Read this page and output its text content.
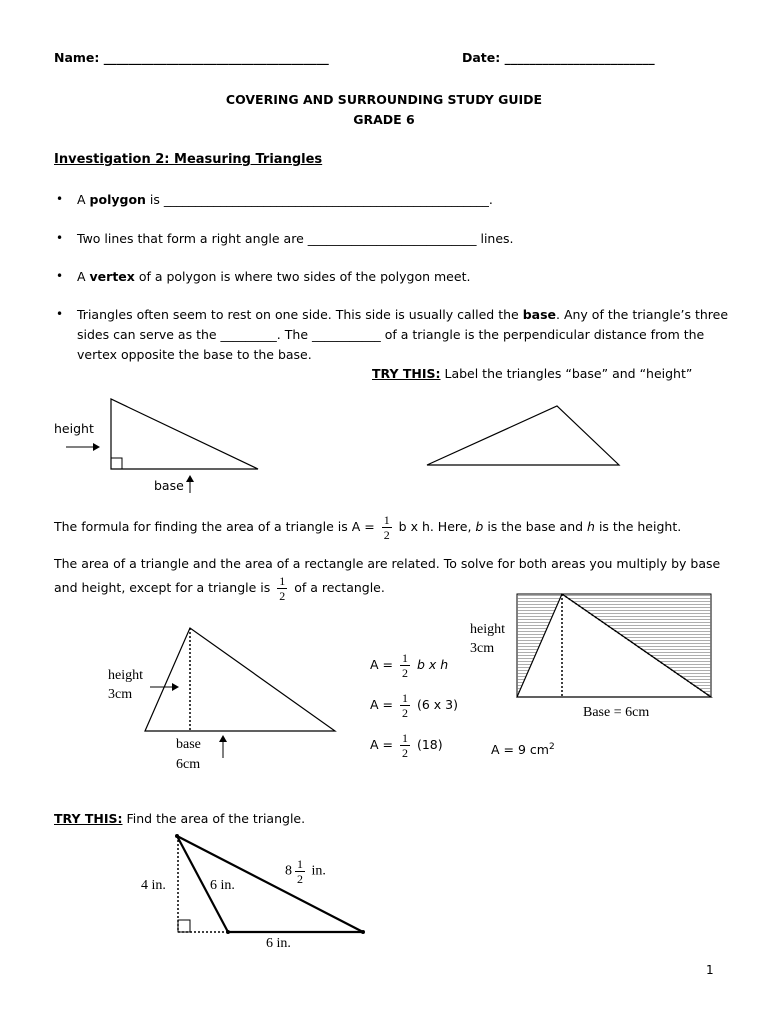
Name: ____________________________________	Date: ________________________
COVERING AND SURROUNDING STUDY GUIDE
GRADE 6
Investigation 2: Measuring Triangles
• A polygon is ____________________________________________________.
• Two lines that form a right angle are ___________________________ lines.
• A vertex of a polygon is where two sides of the polygon meet.
• Triangles often seem to rest on one side. This side is usually called the base. Any of the triangle’s three
sides can serve as the _________. The ___________ of a triangle is the perpendicular distance from the
vertex opposite the base to the base.
TRY THIS: Label the triangles “base” and “height”
height
base
The formula for finding the area of a triangle is $A = \frac{1}{2}$ b x h. Here, b is the base and h is the height.
The area of a triangle and the area of a rectangle are related. To solve for both areas you multiply by base
and height, except for a triangle is $\frac{1}{2}$ of a rectangle.
height
3cm
base
6cm
$A = \frac{1}{2}$ b x h
$A = \frac{1}{2} (6$ x 3)
$A = \frac{1}{2} (18)$	A = 9 $cm^2$
height
3cm
Base = 6cm
TRY THIS: Find the area of the triangle.
4 in.	6 in.
$8 \frac{1}{2}$ in.
6 in.
1
